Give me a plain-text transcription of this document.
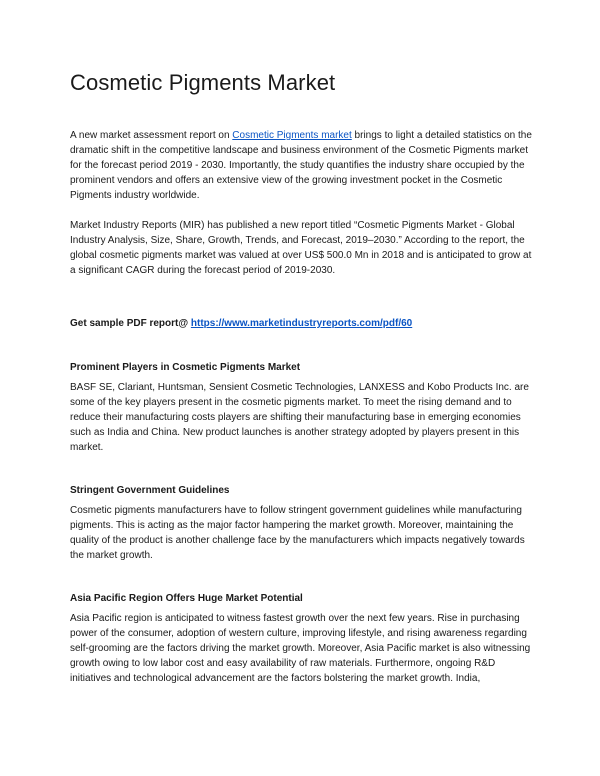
Cosmetic Pigments Market

A new market assessment report on Cosmetic Pigments market brings to light a detailed statistics on the dramatic shift in the competitive landscape and business environment of the Cosmetic Pigments market for the forecast period 2019 - 2030. Importantly, the study quantifies the industry share occupied by the prominent vendors and offers an extensive view of the growing investment pocket in the Cosmetic Pigments industry worldwide.

Market Industry Reports (MIR) has published a new report titled “Cosmetic Pigments Market - Global Industry Analysis, Size, Share, Growth, Trends, and Forecast, 2019–2030.” According to the report, the global cosmetic pigments market was valued at over US$ 500.0 Mn in 2018 and is anticipated to grow at a significant CAGR during the forecast period of 2019-2030.

Get sample PDF report@ https://www.marketindustryreports.com/pdf/60

Prominent Players in Cosmetic Pigments Market

BASF SE, Clariant, Huntsman, Sensient Cosmetic Technologies, LANXESS and Kobo Products Inc. are some of the key players present in the cosmetic pigments market. To meet the rising demand and to reduce their manufacturing costs players are shifting their manufacturing base in emerging economies such as India and China. New product launches is another strategy adopted by players present in this market.

Stringent Government Guidelines

Cosmetic pigments manufacturers have to follow stringent government guidelines while manufacturing pigments. This is acting as the major factor hampering the market growth. Moreover, maintaining the quality of the product is another challenge face by the manufacturers which impacts negatively towards the market growth.

Asia Pacific Region Offers Huge Market Potential

Asia Pacific region is anticipated to witness fastest growth over the next few years. Rise in purchasing power of the consumer, adoption of western culture, improving lifestyle, and rising awareness regarding self-grooming are the factors driving the market growth. Moreover, Asia Pacific market is also witnessing growth owing to low labor cost and easy availability of raw materials. Furthermore, ongoing R&D initiatives and technological advancement are the factors bolstering the market growth. India,
